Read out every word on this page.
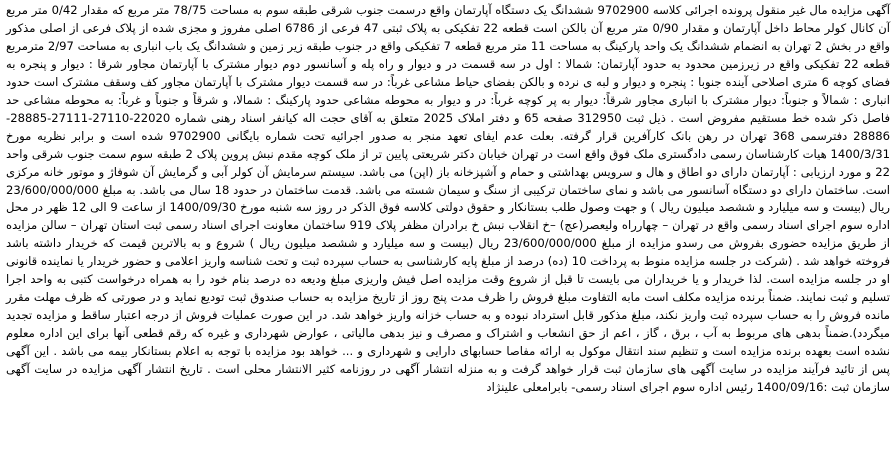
آگهی مزایده مال غیر منقول پرونده اجرائی کلاسه 9702900 ششدانگ یک دستگاه آپارتمان واقع درسمت جنوب شرقی طبقه سوم به مساحت 78/75 متر مربع که مقدار 0/42 متر مربع آن کانال کولر محاط داخل آپارتمان و مقدار 0/90 متر مربع آن بالکن است قطعه 22 تفکیکی به پلاک ثبتی 47 فرعی از 6786 اصلی مفروز و مجزی شده از پلاک فرعی از اصلی مذکور واقع در بخش 2 تهران به انضمام ششدانگ یک واحد پارکینگ به مساحت 11 متر مربع قطعه 7 تفکیکی واقع در جنوب طبقه زیر زمین و ششدانگ یک باب انباری به مساحت 2/97 مترمربع قطعه 22 تفکیکی واقع در زیرزمین محدود به حدود آپارتمان: شمالا : اول در سه قسمت در و دیوار و راه پله و آسانسور دوم دیوار مشترک با آپارتمان مجاور شرقا : دیوار و پنجره به فضای کوچه 6 متری اصلاحی آینده جنوبا : پنجره و دیوار و لبه ی نرده و بالکن بفضای حیاط مشاعی غرباً: در سه قسمت دیوار مشترک با آپارتمان مجاور کف وسقف مشترک است حدود انباری : شمالاً و جنوباً: دیوار مشترک با انباری مجاور شرقاً: دیوار به پر کوچه غرباً: در و دیوار به محوطه مشاعی حدود پارکینگ : شمالا، و شرقاً و جنوباً و غرباً: به محوطه مشاعی حد فاصل ذکر شده خط مستقیم مفروض است . ذیل ثبت 312950 صفحه 65 و دفتر املاک 2025 متعلق به آقای حجت اله کیانفر اسناد رهنی شماره 22020-27110-27111-28885-28886 دفترسمی 368 تهران در رهن بانک کارآفرین قرار گرفته. بعلت عدم ایفای تعهد منجر به صدور اجرائیه تحت شماره بایگانی 9702900 شده است و برابر نظریه مورخ 1400/3/31 هیات کارشناسان رسمی دادگستری ملک فوق واقع است در تهران خیابان دکتر شریعتی پایین تر از ملک کوچه مقدم نبش پروین پلاک 2 طبقه سوم سمت جنوب شرقی واحد 22 و مورد ارزیابی : آپارتمان دارای دو اطاق و هال و سرویس بهداشتی و حمام و آشپزخانه باز (اپن) می باشد. سیستم سرمایش آن کولر آبی و گرمایش آن شوفاژ و موتور خانه مرکزی است. ساختمان دارای دو دستگاه آسانسور می باشد و نمای ساختمان ترکیبی از سنگ و سیمان شسته می باشد. قدمت ساختمان در حدود 18 سال می باشد. به مبلغ 23/600/000/000 ریال (بیست و سه میلیارد و ششصد میلیون ریال ) و جهت وصول طلب بستانکار و حقوق دولتی کلاسه فوق الذکر در روز سه شنبه مورخ 1400/09/30 از ساعت 9 الی 12 ظهر در محل اداره سوم اجرای اسناد رسمی واقع در تهران – چهارراه ولیعصر(عج) –خ انقلاب نبش خ برادران مظفر پلاک 919 ساختمان معاونت اجرای اسناد رسمی ثبت استان تهران – سالن مزایده از طریق مزایده حضوری بفروش می رسدو مزایده از مبلغ 23/600/000/000 ریال (بیست و سه میلیارد و ششصد میلیون ریال ) شروع و به بالاترین قیمت که خریدار داشته باشد فروخته خواهد شد . (شرکت در جلسه مزایده منوط به پرداخت 10 (ده) درصد از مبلغ پایه کارشناسی به حساب سپرده ثبت و تحت شناسه واریز اعلامی و حضور خریدار یا نماینده قانونی او در جلسه مزایده است. لذا خریدار و یا خریداران می بایست تا قبل از شروع وقت مزایده اصل فیش واریزی مبلغ ودیعه ده درصد بنام خود را به همراه درخواست کتبی به واحد اجرا تسلیم و ثبت نمایند. ضمناً برنده مزایده مکلف است مابه التفاوت مبلغ فروش را ظرف مدت پنج روز از تاریخ مزایده به حساب صندوق ثبت تودیع نماید و در صورتی که ظرف مهلت مقرر مانده فروش را به حساب سپرده ثبت واریز نکند، مبلغ مذکور قابل استرداد نبوده و به حساب خزانه واریز خواهد شد. در این صورت عملیات فروش از درجه اعتبار ساقط و مزایده تجدید میگردد).ضمناً بدهی های مربوط به آب ، برق ، گاز ، اعم از حق انشعاب و اشتراک و مصرف و نیز بدهی مالیاتی ، عوارض شهرداری و غیره که رقم قطعی آنها برای این اداره معلوم نشده است بعهده برنده مزایده است و تنظیم سند انتقال موکول به ارائه مفاصا حسابهای دارایی و شهرداری و ... خواهد بود مزایده با توجه به اعلام بستانکار بیمه می باشد . این آگهی پس از تائید فرآیند مزایده در سایت آگهی های سازمان ثبت قرار خواهد گرفت و به منزله انتشار آگهی در روزنامه کثیر الانتشار محلی است . تاریخ انتشار آگهی مزایده در سایت آگهی سازمان ثبت :1400/09/16 رئیس اداره سوم اجرای اسناد رسمی- بابرامعلی علینژاد
